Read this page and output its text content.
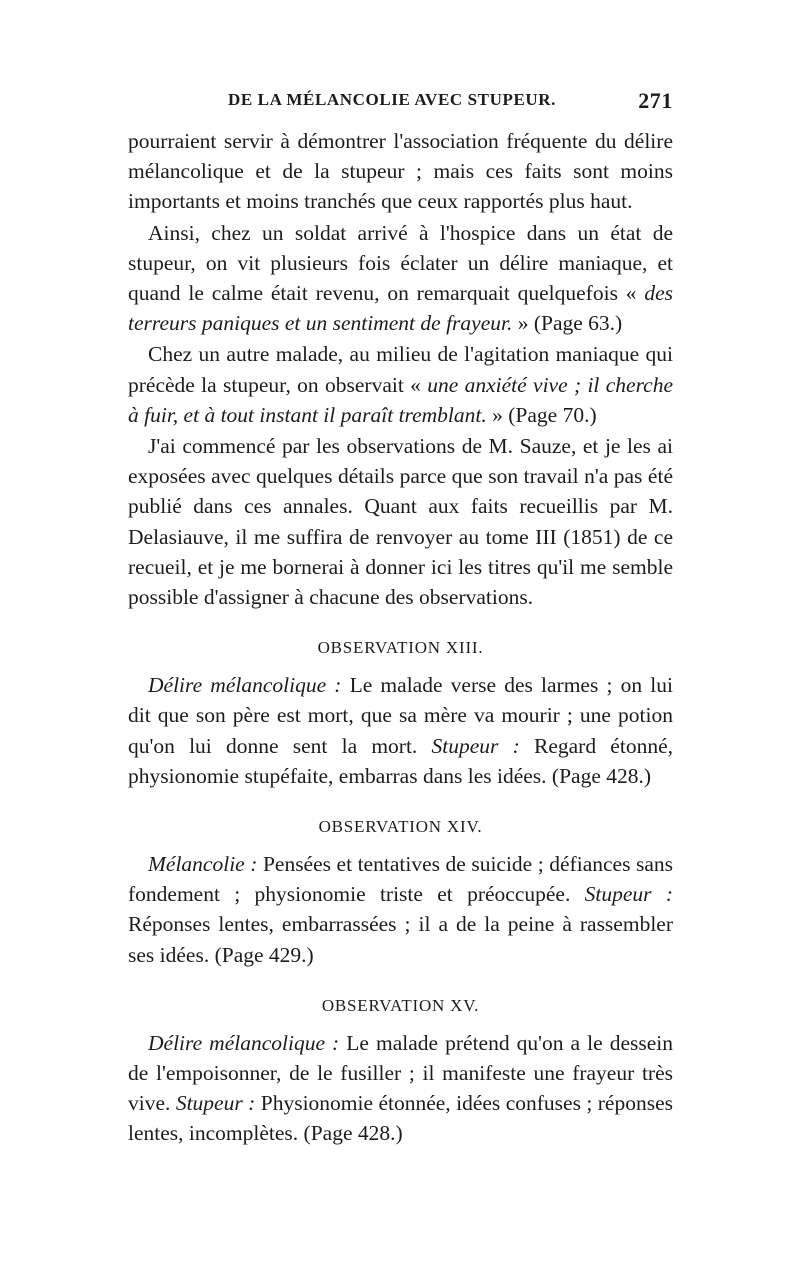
DE LA MÉLANCOLIE AVEC STUPEUR.	271

pourraient servir à démontrer l'association fréquente du délire mélancolique et de la stupeur ; mais ces faits sont moins importants et moins tranchés que ceux rapportés plus haut.

Ainsi, chez un soldat arrivé à l'hospice dans un état de stupeur, on vit plusieurs fois éclater un délire maniaque, et quand le calme était revenu, on remarquait quelquefois « des terreurs paniques et un sentiment de frayeur. » (Page 63.)

Chez un autre malade, au milieu de l'agitation maniaque qui précède la stupeur, on observait « une anxiété vive ; il cherche à fuir, et à tout instant il paraît tremblant. » (Page 70.)

J'ai commencé par les observations de M. Sauze, et je les ai exposées avec quelques détails parce que son travail n'a pas été publié dans ces annales. Quant aux faits recueillis par M. Delasiauve, il me suffira de renvoyer au tome III (1851) de ce recueil, et je me bornerai à donner ici les titres qu'il me semble possible d'assigner à chacune des observations.

OBSERVATION XIII.

Délire mélancolique : Le malade verse des larmes ; on lui dit que son père est mort, que sa mère va mourir ; une potion qu'on lui donne sent la mort. Stupeur : Regard étonné, physionomie stupéfaite, embarras dans les idées. (Page 428.)

OBSERVATION XIV.

Mélancolie : Pensées et tentatives de suicide ; défiances sans fondement ; physionomie triste et préoccupée. Stupeur : Réponses lentes, embarrassées ; il a de la peine à rassembler ses idées. (Page 429.)

OBSERVATION XV.

Délire mélancolique : Le malade prétend qu'on a le dessein de l'empoisonner, de le fusiller ; il manifeste une frayeur très vive. Stupeur : Physionomie étonnée, idées confuses ; réponses lentes, incomplètes. (Page 428.)
